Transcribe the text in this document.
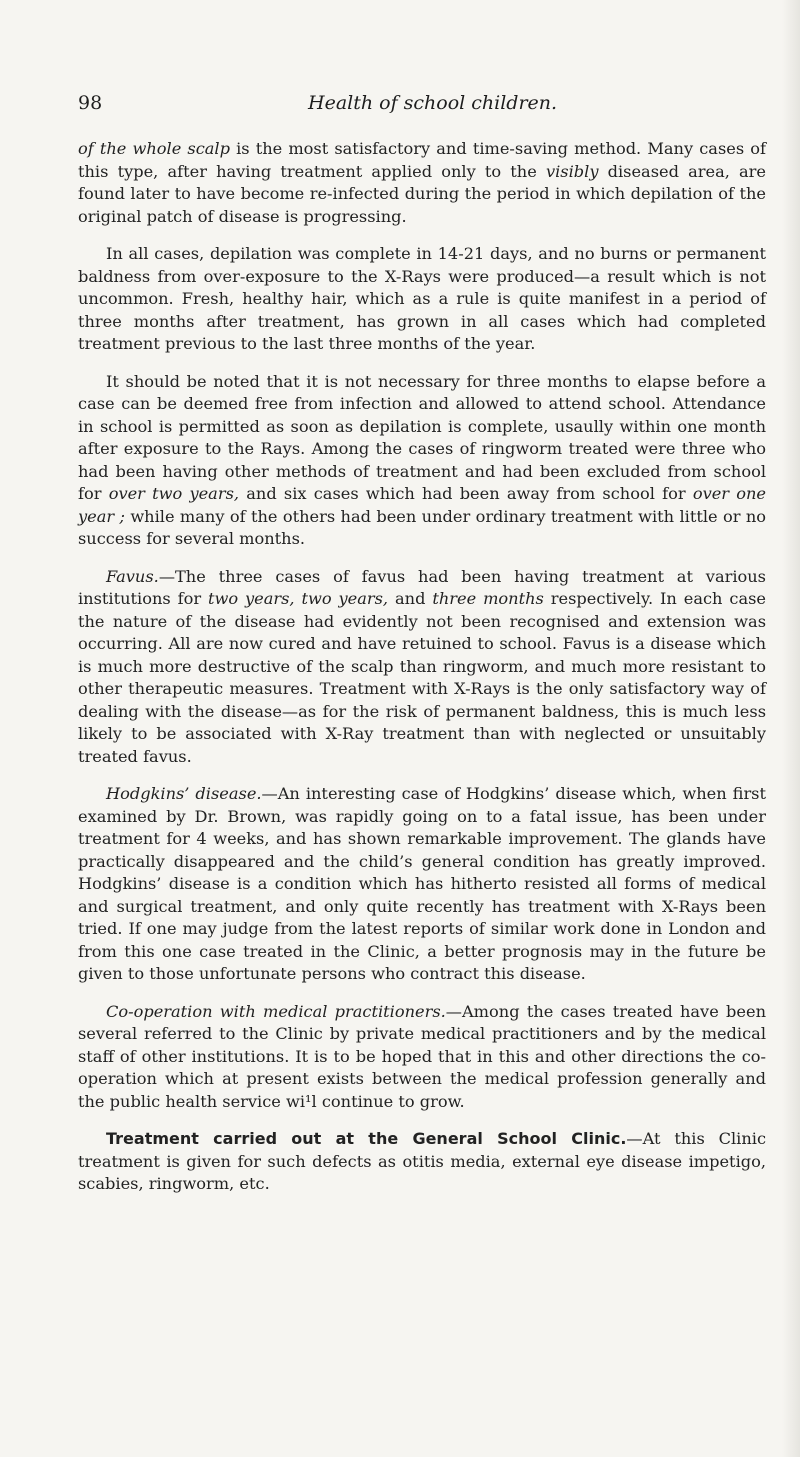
98	Health of school children.

of the whole scalp is the most satisfactory and time-saving method. Many cases of this type, after having treatment applied only to the visibly diseased area, are found later to have become re-infected during the period in which depilation of the original patch of disease is progressing.

In all cases, depilation was complete in 14-21 days, and no burns or permanent baldness from over-exposure to the X-Rays were produced—a result which is not uncommon. Fresh, healthy hair, which as a rule is quite manifest in a period of three months after treatment, has grown in all cases which had completed treatment previous to the last three months of the year.

It should be noted that it is not necessary for three months to elapse before a case can be deemed free from infection and allowed to attend school. Attendance in school is permitted as soon as depilation is complete, usaully within one month after exposure to the Rays. Among the cases of ringworm treated were three who had been having other methods of treatment and had been excluded from school for over two years, and six cases which had been away from school for over one year ; while many of the others had been under ordinary treatment with little or no success for several months.

Favus.—The three cases of favus had been having treatment at various institutions for two years, two years, and three months respectively. In each case the nature of the disease had evidently not been recognised and extension was occurring. All are now cured and have retuined to school. Favus is a disease which is much more destructive of the scalp than ringworm, and much more resistant to other therapeutic measures. Treatment with X-Rays is the only satisfactory way of dealing with the disease—as for the risk of permanent baldness, this is much less likely to be associated with X-Ray treatment than with neglected or unsuitably treated favus.

Hodgkins’ disease.—An interesting case of Hodgkins’ disease which, when first examined by Dr. Brown, was rapidly going on to a fatal issue, has been under treatment for 4 weeks, and has shown remarkable improvement. The glands have practically disappeared and the child’s general condition has greatly improved. Hodgkins’ disease is a condition which has hitherto resisted all forms of medical and surgical treatment, and only quite recently has treatment with X-Rays been tried. If one may judge from the latest reports of similar work done in London and from this one case treated in the Clinic, a better prognosis may in the future be given to those unfortunate persons who contract this disease.

Co-operation with medical practitioners.—Among the cases treated have been several referred to the Clinic by private medical practitioners and by the medical staff of other institutions. It is to be hoped that in this and other directions the co-operation which at present exists between the medical profession generally and the public health service wi¹l continue to grow.

Treatment carried out at the General School Clinic.—At this Clinic treatment is given for such defects as otitis media, external eye disease impetigo, scabies, ringworm, etc.
